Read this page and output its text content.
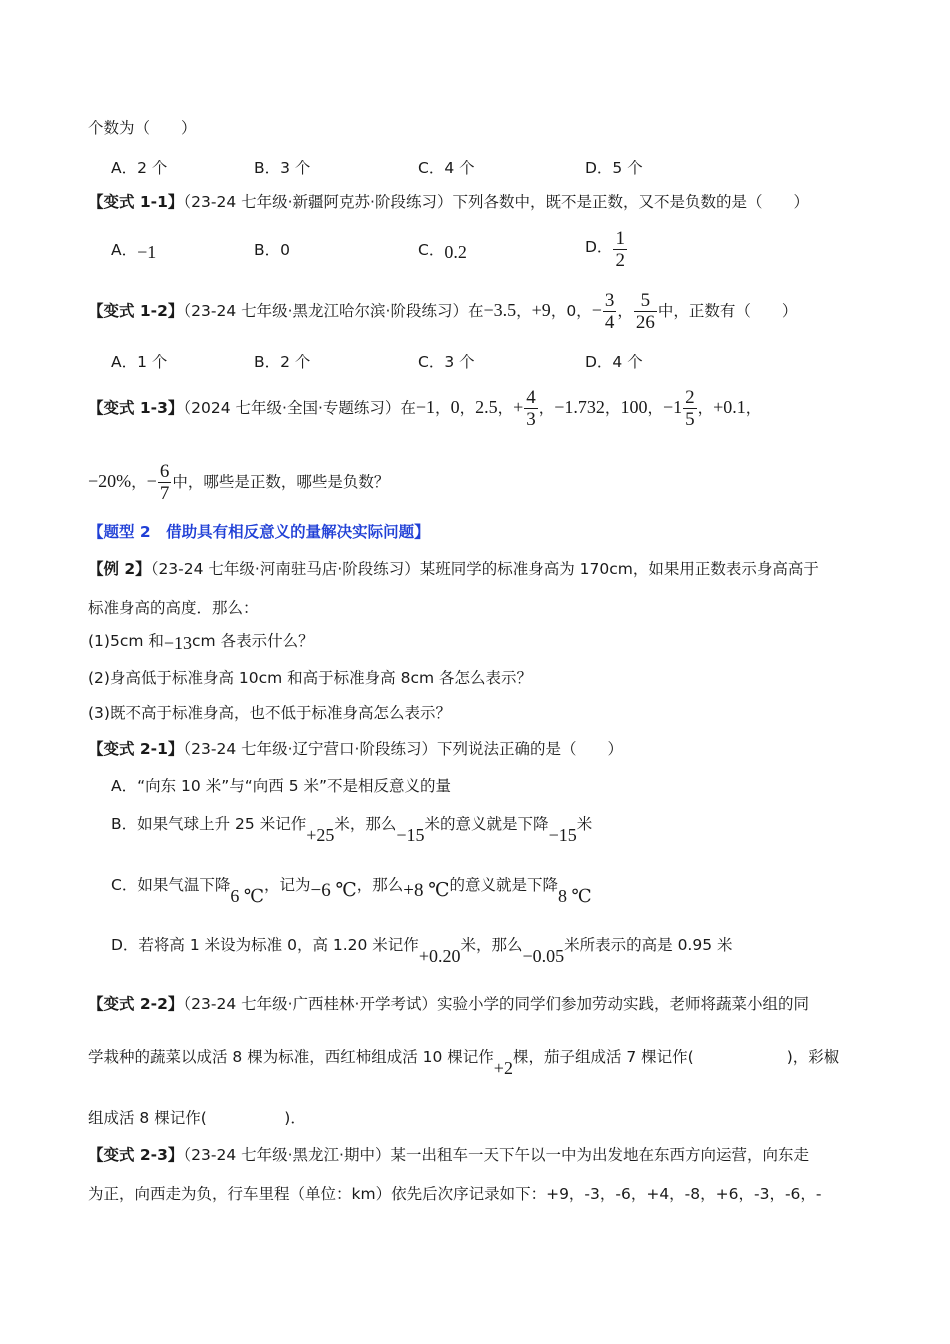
个数为（　　）
A．2 个	B．3 个	C．4 个	D．5 个
【变式 1-1】（23-24 七年级·新疆阿克苏·阶段练习）下列各数中，既不是正数，又不是负数的是（　　）
A．−1	B．0	C．0.2	D． $\frac{1}{2}$
【变式 1-2】（23-24 七年级·黑龙江哈尔滨·阶段练习）在−3.5，+9，0，− $\frac{3}{4}$ ， $\frac{5}{26}$ 中，正数有（　　）
A．1 个	B．2 个	C．3 个	D．4 个
【变式 1-3】（2024 七年级·全国·专题练习）在−1，0，2.5，+ $\frac{4}{3}$ ，−1.732，100，$-1 \frac{2}{5}$ ，+0.1，
−20%，− $\frac{6}{7}$ 中，哪些是正数，哪些是负数？
【题型 2　借助具有相反意义的量解决实际问题】
【例 2】（23-24 七年级·河南驻马店·阶段练习）某班同学的标准身高为 170cm，如果用正数表示身高高于
标准身高的高度．那么：
(1)5cm 和−13cm 各表示什么？
(2)身高低于标准身高 10cm 和高于标准身高 8cm 各怎么表示？
(3)既不高于标准身高，也不低于标准身高怎么表示？
【变式 2-1】（23-24 七年级·辽宁营口·阶段练习）下列说法正确的是（　　）
A．“向东 10 米”与“向西 5 米”不是相反意义的量
B．如果气球上升 25 米记作+25米，那么−15米的意义就是下降−15米
C．如果气温下降6 ℃，记为−6 ℃，那么+8 ℃的意义就是下降8 ℃
D．若将高 1 米设为标准 0，高 1.20 米记作+0.20米，那么−0.05米所表示的高是 0.95 米
【变式 2-2】（23-24 七年级·广西桂林·开学考试）实验小学的同学们参加劳动实践，老师将蔬菜小组的同
学栽种的蔬菜以成活 8 棵为标准，西红柿组成活 10 棵记作+2棵，茄子组成活 7 棵记作(　　　　　　	)，彩椒
组成活 8 棵记作(　　　　　	)．
【变式 2-3】（23-24 七年级·黑龙江·期中）某一出租车一天下午以一中为出发地在东西方向运营，向东走
为正，向西走为负，行车里程（单位：km）依先后次序记录如下：+9，-3，-6，+4，-8，+6，-3，-6，-
